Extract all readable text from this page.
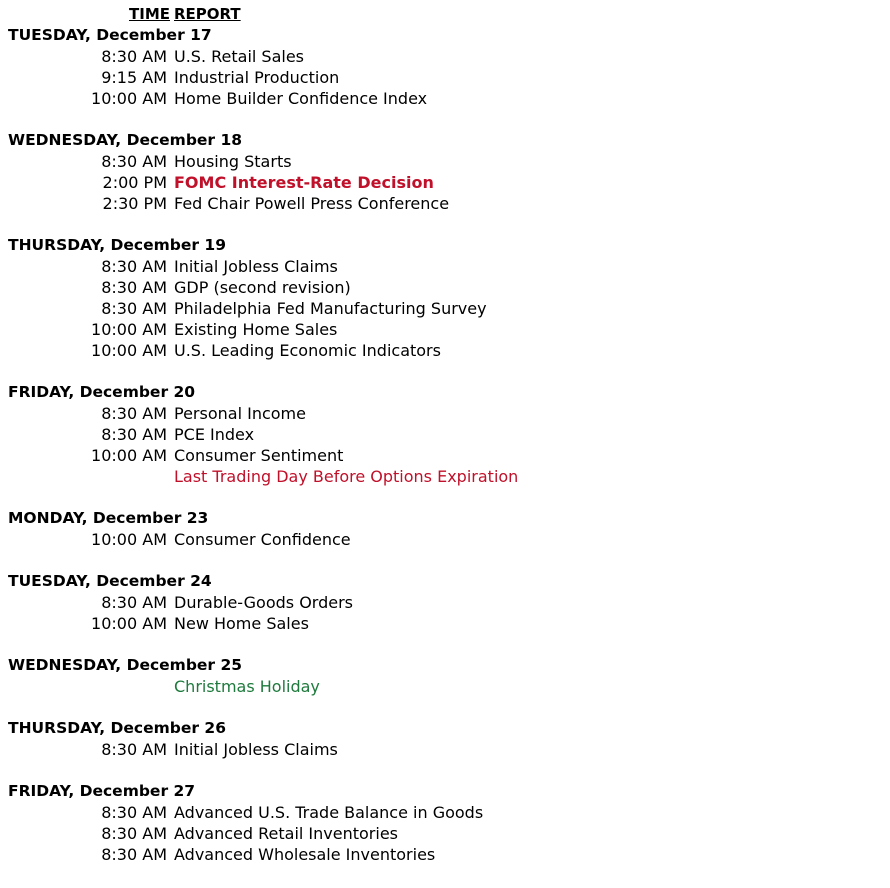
TIME REPORT
TUESDAY, December 17
8:30 AM U.S. Retail Sales
9:15 AM Industrial Production
10:00 AM Home Builder Confidence Index
WEDNESDAY, December 18
8:30 AM Housing Starts
2:00 PM FOMC Interest-Rate Decision
2:30 PM Fed Chair Powell Press Conference
THURSDAY, December 19
8:30 AM Initial Jobless Claims
8:30 AM GDP (second revision)
8:30 AM Philadelphia Fed Manufacturing Survey
10:00 AM Existing Home Sales
10:00 AM U.S. Leading Economic Indicators
FRIDAY, December 20
8:30 AM Personal Income
8:30 AM PCE Index
10:00 AM Consumer Sentiment
Last Trading Day Before Options Expiration
MONDAY, December 23
10:00 AM Consumer Confidence
TUESDAY, December 24
8:30 AM Durable-Goods Orders
10:00 AM New Home Sales
WEDNESDAY, December 25
Christmas Holiday
THURSDAY, December 26
8:30 AM Initial Jobless Claims
FRIDAY, December 27
8:30 AM Advanced U.S. Trade Balance in Goods
8:30 AM Advanced Retail Inventories
8:30 AM Advanced Wholesale Inventories
